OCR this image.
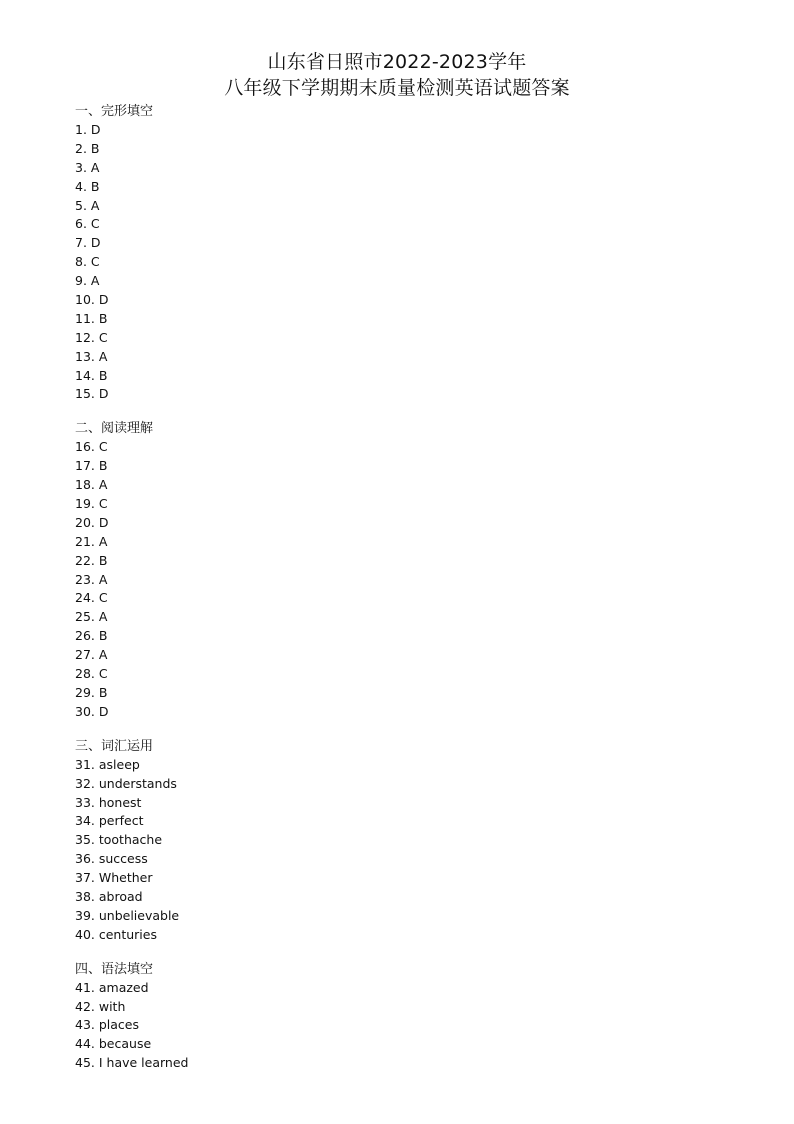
山东省日照市2022-2023学年
八年级下学期期末质量检测英语试题答案
一、完形填空
1 . D
2 . B
3 . A
4 . B
5 . A
6 . C
7 . D
8 . C
9 . A
10 . D
11 . B
12 . C
13 . A
14 . B
15 . D
二、阅读理解
16 . C
17 . B
18 . A
19 . C
20 . D
21 . A
22 . B
23 . A
24 . C
25 . A
26 . B
27 . A
28 . C
29 . B
30 . D
三、词汇运用
31 . asleep
32 . understands
33 . honest
34 . perfect
35 . toothache
36 . success
37 . Whether
38 . abroad
39 . unbelievable
40 . centuries
四、语法填空
41 . amazed
42 . with
43 . places
44 . because
45 . I have learned
